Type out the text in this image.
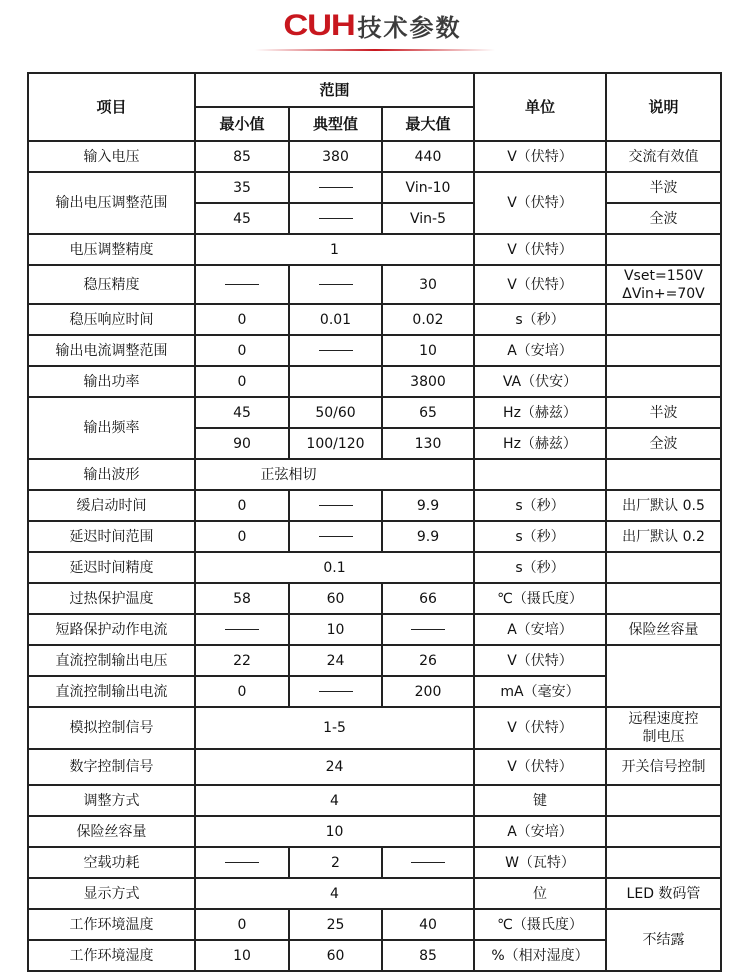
CUH 技术参数
项目	范围			单位	说明
	最小值	典型值	最大值		
输入电压	85	380	440	V（伏特）	交流有效值
输出电压调整范围	35		Vin-10	V（伏特）	半波
	45		Vin-5		全波
电压调整精度	1			V（伏特）	
稳压精度			30	V（伏特）	Vset=150V
ΔVin+=70V

稳压响应时间	0	0.01	0.02	s（秒）	
输出电流调整范围	0		10	A（安培）	
输出功率	0		3800	VA（伏安）	
输出频率	45	50/60	65	Hz（赫兹）	半波
	90	100/120	130	Hz（赫兹）	全波
输出波形	正弦相切				
缓启动时间	0		9.9	s（秒）	出厂默认 0.5
延迟时间范围	0		9.9	s（秒）	出厂默认 0.2
延迟时间精度	0.1			s（秒）	
过热保护温度	58	60	66	℃（摄氏度）	
短路保护动作电流		10		A（安培）	保险丝容量
直流控制输出电压	22	24	26	V（伏特）	
直流控制输出电流	0		200	mA（毫安）	
模拟控制信号	1-5			V（伏特）	远程速度控
制电压

数字控制信号	24			V（伏特）	开关信号控制
调整方式	4			键	
保险丝容量	10			A（安培）	
空载功耗		2		W（瓦特）	
显示方式	4			位	LED 数码管
工作环境温度	0	25	40	℃（摄氏度）	不结露
工作环境湿度	10	60	85	%（相对湿度）	
